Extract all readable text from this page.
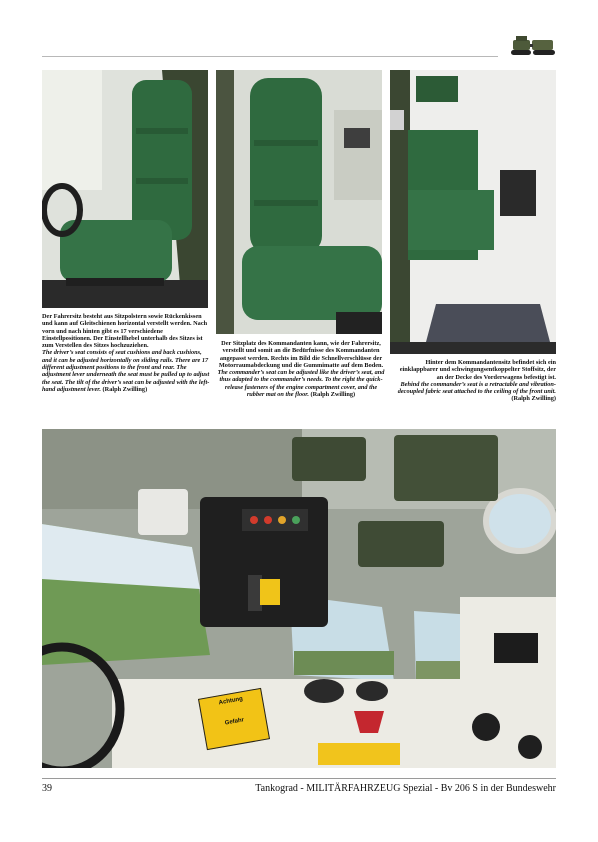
Der Fahrersitz besteht aus Sitzpolstern sowie Rückenkissen und kann auf Gleitschienen horizontal verstellt werden. Nach vorn und nach hinten gibt es 17 verschiedene Einstellpositionen. Der Einstellhebel unterhalb des Sitzes ist zum Verstellen des Sitzes hochzuziehen.

The driver’s seat consists of seat cushions and back cushions, and it can be adjusted horizontally on sliding rails. There are 17 different adjustment positions to the front and rear. The adjustment lever underneath the seat must be pulled up to adjust the seat. The tilt of the driver’s seat can be adjusted with the left-hand adjustment lever. (Ralph Zwilling)

Der Sitzplatz des Kommandanten kann, wie der Fahrersitz, verstellt und somit an die Bedürfnisse des Kommandanten angepasst werden. Rechts im Bild die Schnellverschlüsse der Motorraumabdeckung und die Gummimatte auf dem Boden.

The commander’s seat can be adjusted like the driver’s seat, and thus adapted to the commander’s needs. To the right the quick-release fasteners of the engine compartment cover, and the rubber mat on the floor. (Ralph Zwilling)

Hinter dem Kommandantensitz befindet sich ein einklappbarer und schwingungsentkoppelter Stoffsitz, der an der Decke des Vorderwagens befestigt ist.

Behind the commander’s seat is a retractable and vibration-decoupled fabric seat attached to the ceiling of the front unit. (Ralph Zwilling)

Achtung
Gefahr
39	Tankograd - MILITÄRFAHRZEUG Spezial - Bv 206 S in der Bundeswehr
